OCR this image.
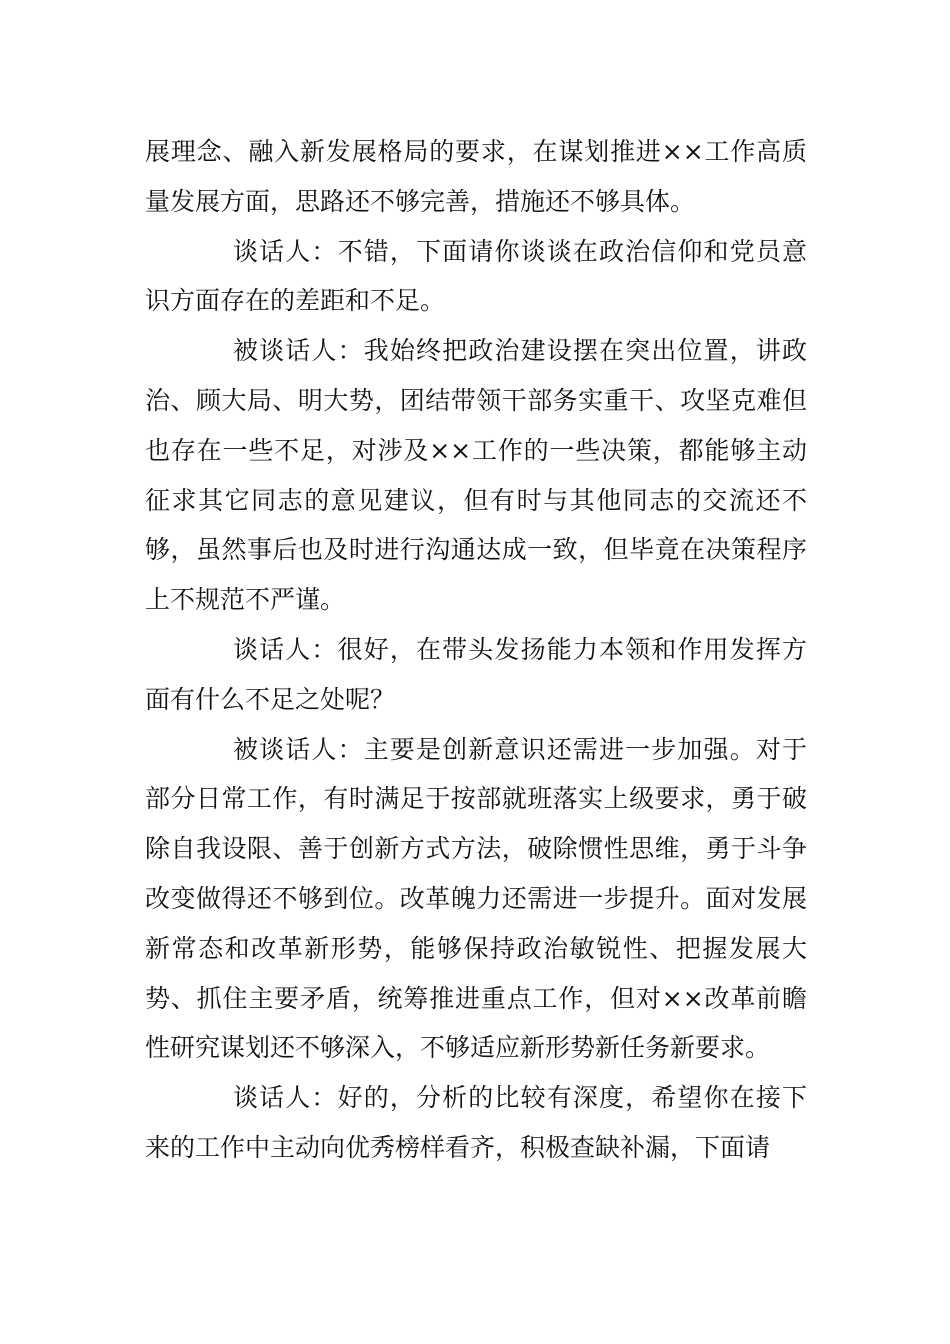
展理念、融入新发展格局的要求，在谋划推进××工作高质量发展方面，思路还不够完善，措施还不够具体。

谈话人：不错，下面请你谈谈在政治信仰和党员意识方面存在的差距和不足。

被谈话人：我始终把政治建设摆在突出位置，讲政治、顾大局、明大势，团结带领干部务实重干、攻坚克难但也存在一些不足，对涉及××工作的一些决策，都能够主动征求其它同志的意见建议，但有时与其他同志的交流还不够，虽然事后也及时进行沟通达成一致，但毕竟在决策程序上不规范不严谨。

谈话人：很好，在带头发扬能力本领和作用发挥方面有什么不足之处呢？

被谈话人：主要是创新意识还需进一步加强。对于部分日常工作，有时满足于按部就班落实上级要求，勇于破除自我设限、善于创新方式方法，破除惯性思维，勇于斗争改变做得还不够到位。改革魄力还需进一步提升。面对发展新常态和改革新形势，能够保持政治敏锐性、把握发展大势、抓住主要矛盾，统筹推进重点工作，但对××改革前瞻性研究谋划还不够深入，不够适应新形势新任务新要求。

谈话人：好的，分析的比较有深度，希望你在接下来的工作中主动向优秀榜样看齐，积极查缺补漏，下面请
